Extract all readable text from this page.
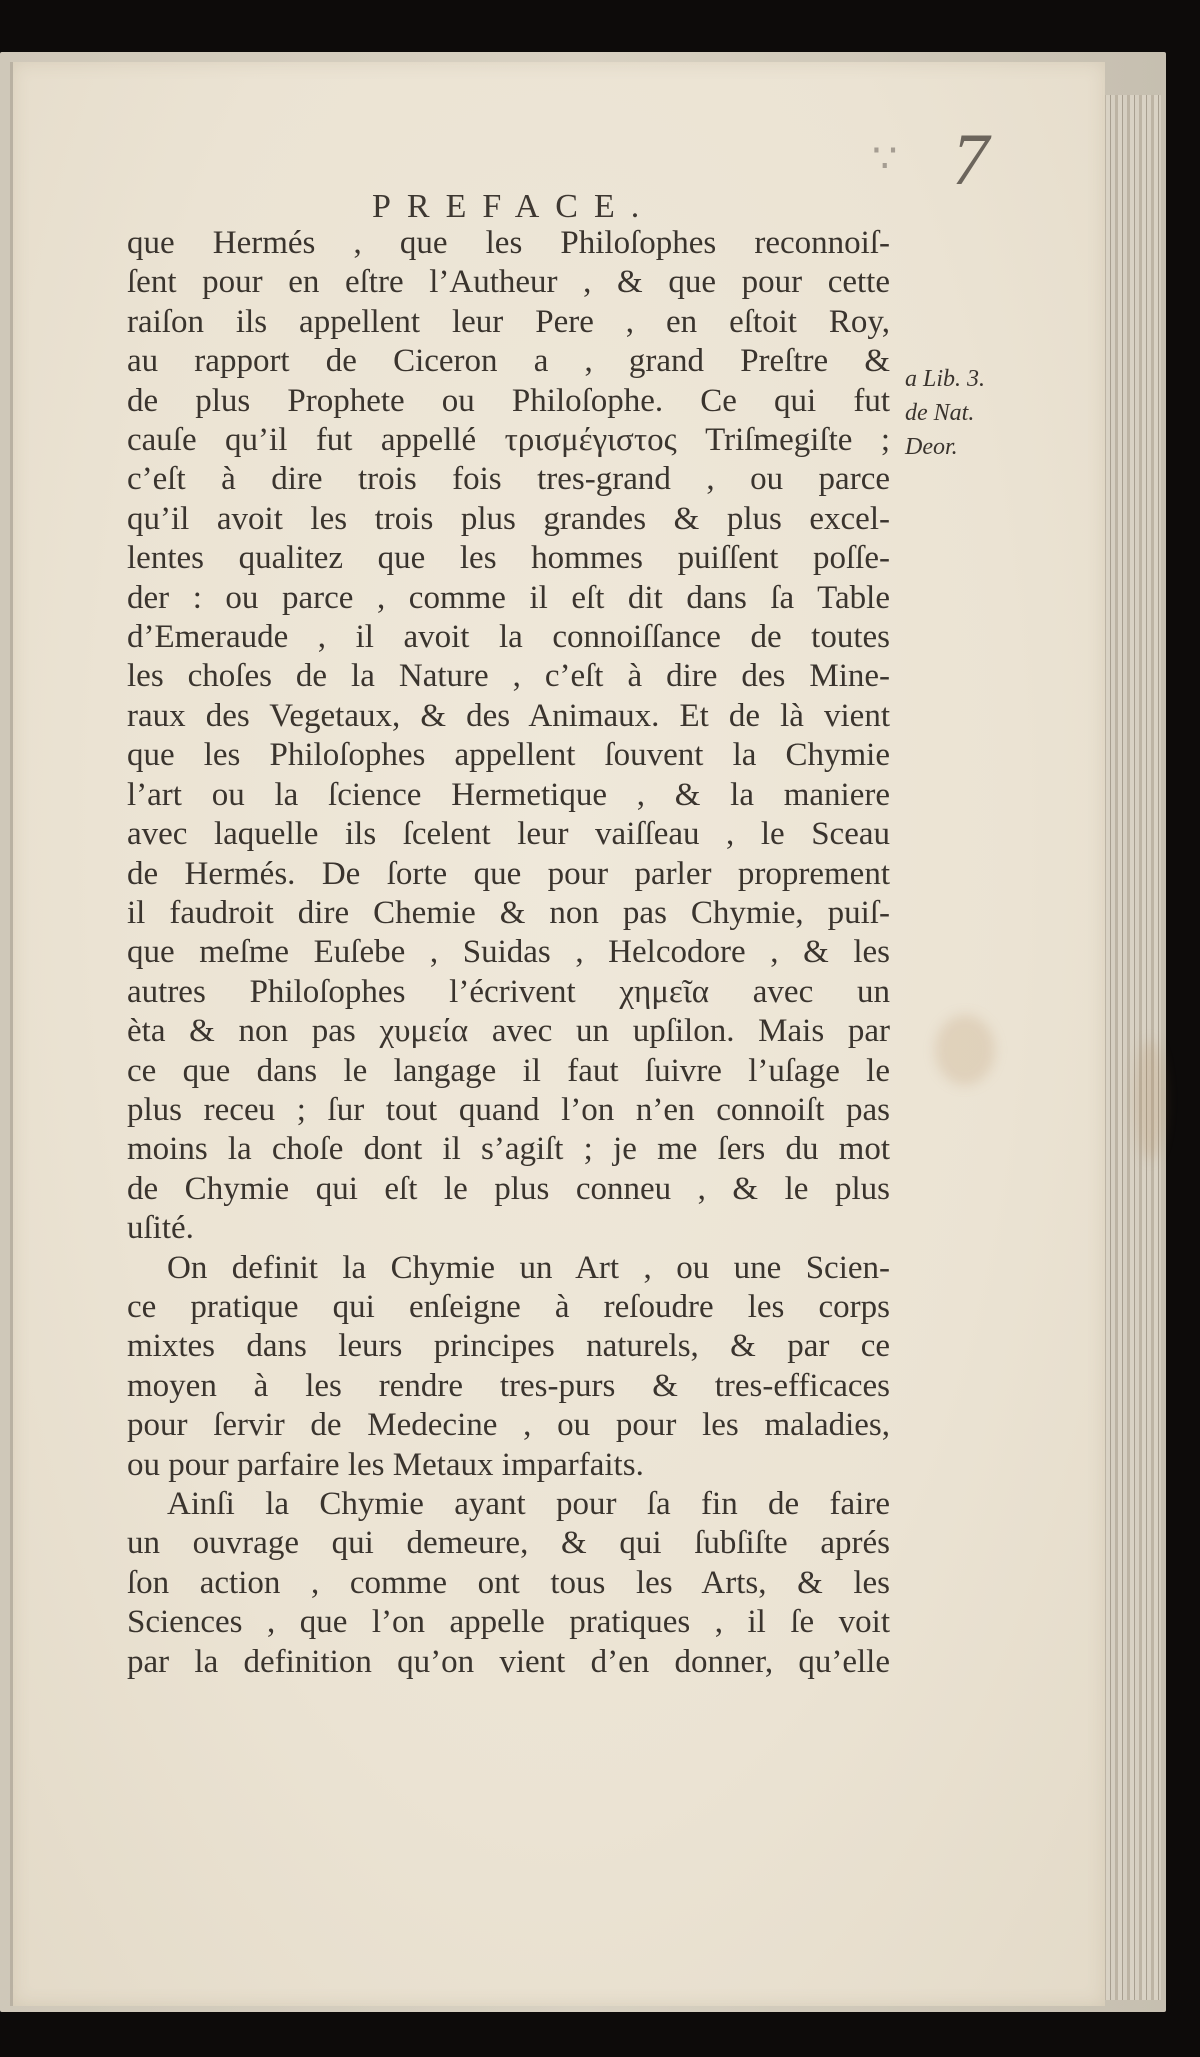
∵ 7
PREFACE.
que Hermés , que les Philoſophes reconnoiſ-
ſent pour en eſtre l’Autheur , & que pour cette
raiſon ils appellent leur Pere , en eſtoit Roy,
au rapport de Ciceron a , grand Preſtre &
de plus Prophete ou Philoſophe. Ce qui fut
cauſe qu’il fut appellé τρισμέγιστος Triſmegiſte ;
c’eſt à dire trois fois tres-grand , ou parce
qu’il avoit les trois plus grandes & plus excel-
lentes qualitez que les hommes puiſſent poſſe-
der : ou parce , comme il eſt dit dans ſa Table
d’Emeraude , il avoit la connoiſſance de toutes
les choſes de la Nature , c’eſt à dire des Mine-
raux des Vegetaux, & des Animaux. Et de là vient
que les Philoſophes appellent ſouvent la Chymie
l’art ou la ſcience Hermetique , & la maniere
avec laquelle ils ſcelent leur vaiſſeau , le Sceau
de Hermés. De ſorte que pour parler proprement
il faudroit dire Chemie & non pas Chymie, puiſ-
que meſme Euſebe , Suidas , Helcodore , & les
autres Philoſophes l’écrivent χημεῖα avec un
èta & non pas χυμεία avec un upſilon. Mais par
ce que dans le langage il faut ſuivre l’uſage le
plus receu ; ſur tout quand l’on n’en connoiſt pas
moins la choſe dont il s’agiſt ; je me ſers du mot
de Chymie qui eſt le plus conneu , & le plus
uſité.
On definit la Chymie un Art , ou une Scien-
ce pratique qui enſeigne à reſoudre les corps
mixtes dans leurs principes naturels, & par ce
moyen à les rendre tres-purs & tres-efficaces
pour ſervir de Medecine , ou pour les maladies,
ou pour parfaire les Metaux imparfaits.
Ainſi la Chymie ayant pour ſa fin de faire
un ouvrage qui demeure, & qui ſubſiſte aprés
ſon action , comme ont tous les Arts, & les
Sciences , que l’on appelle pratiques , il ſe voit
par la definition qu’on vient d’en donner, qu’elle
a Lib. 3.
de Nat.
Deor.
